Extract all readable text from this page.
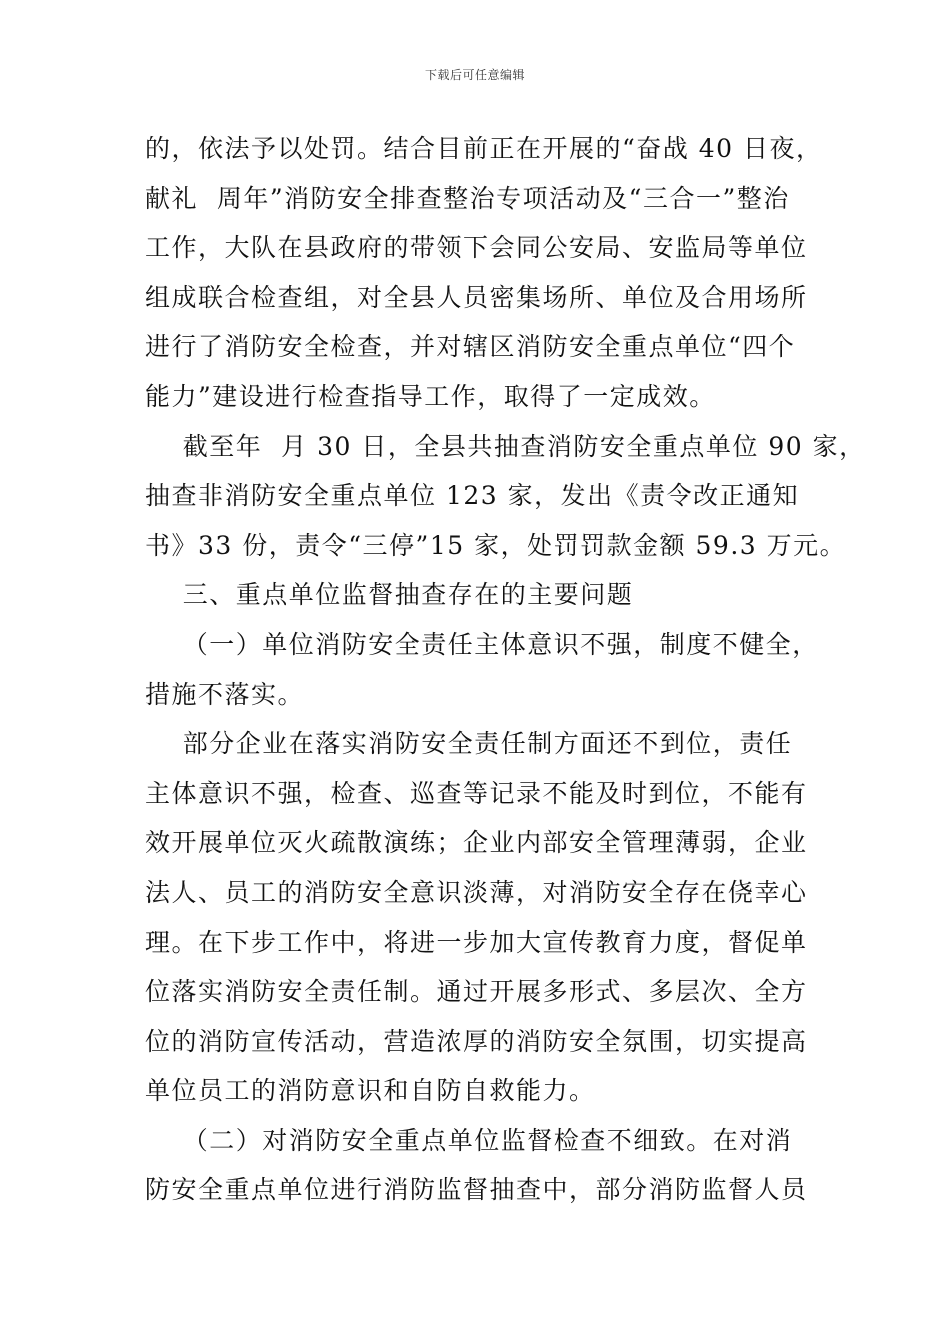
下载后可任意编辑
的，依法予以处罚。结合目前正在开展的“奋战 40 日夜，
献礼  周年”消防安全排查整治专项活动及“三合一”整治
工作，大队在县政府的带领下会同公安局、安监局等单位
组成联合检查组，对全县人员密集场所、单位及合用场所
进行了消防安全检查，并对辖区消防安全重点单位“四个
能力”建设进行检查指导工作，取得了一定成效。
截至年  月 30 日，全县共抽查消防安全重点单位 90 家，
抽查非消防安全重点单位 123 家，发出《责令改正通知
书》33 份，责令“三停”15 家，处罚罚款金额 59.3 万元。
三、重点单位监督抽查存在的主要问题
（一）单位消防安全责任主体意识不强，制度不健全，
措施不落实。
部分企业在落实消防安全责任制方面还不到位，责任
主体意识不强，检查、巡查等记录不能及时到位，不能有
效开展单位灭火疏散演练；企业内部安全管理薄弱，企业
法人、员工的消防安全意识淡薄，对消防安全存在侥幸心
理。在下步工作中，将进一步加大宣传教育力度，督促单
位落实消防安全责任制。通过开展多形式、多层次、全方
位的消防宣传活动，营造浓厚的消防安全氛围，切实提高
单位员工的消防意识和自防自救能力。
（二）对消防安全重点单位监督检查不细致。在对消
防安全重点单位进行消防监督抽查中，部分消防监督人员
